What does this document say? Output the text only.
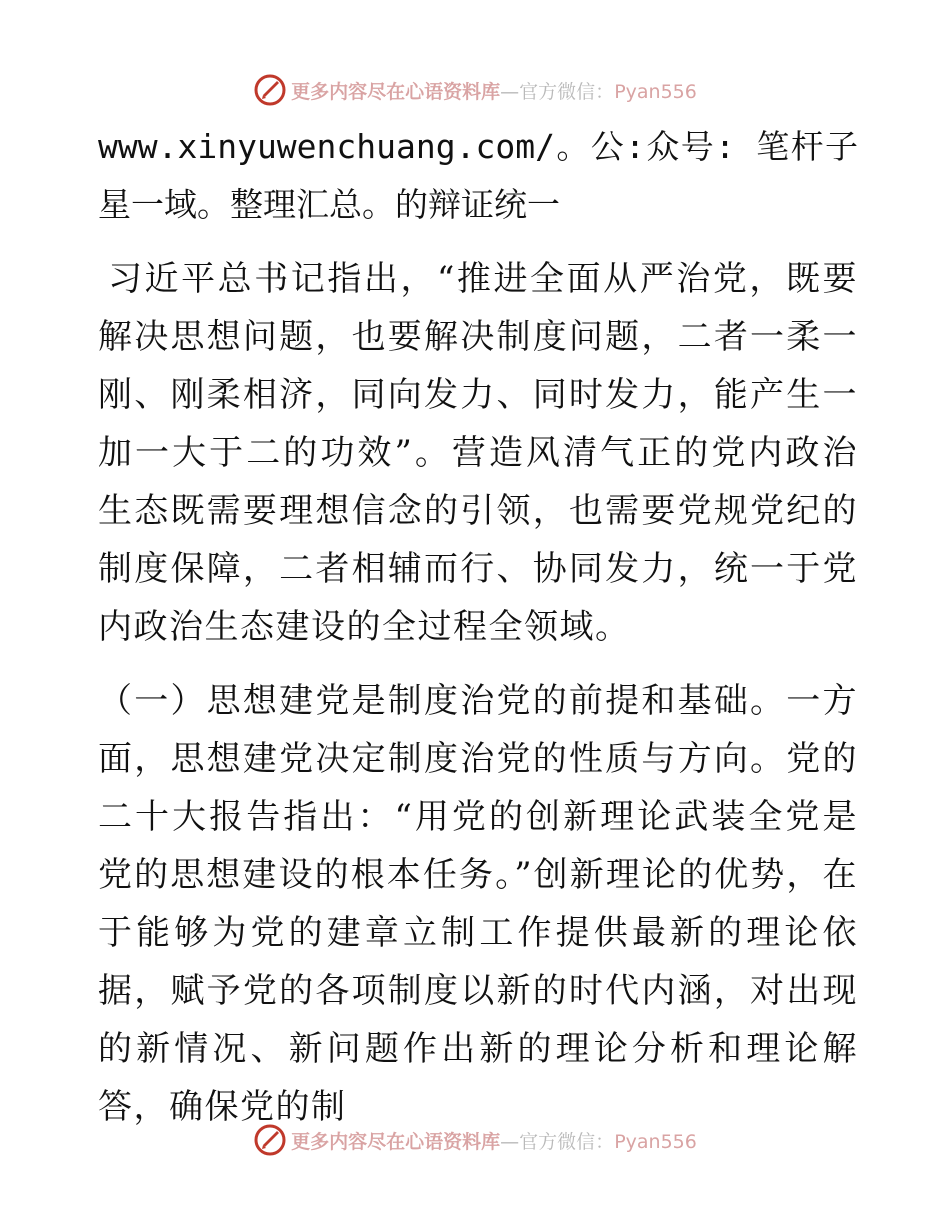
更多内容尽在心语资料库—官方微信：Pyan556

www.xinyuwenchuang.com/。公:众号: 笔杆子星一域。整理汇总。的辩证统一

习近平总书记指出，“推进全面从严治党，既要解决思想问题，也要解决制度问题，二者一柔一刚、刚柔相济，同向发力、同时发力，能产生一加一大于二的功效”。营造风清气正的党内政治生态既需要理想信念的引领，也需要党规党纪的制度保障，二者相辅而行、协同发力，统一于党内政治生态建设的全过程全领域。

（一）思想建党是制度治党的前提和基础。一方面，思想建党决定制度治党的性质与方向。党的二十大报告指出：“用党的创新理论武装全党是党的思想建设的根本任务。”创新理论的优势，在于能够为党的建章立制工作提供最新的理论依据，赋予党的各项制度以新的时代内涵，对出现的新情况、新问题作出新的理论分析和理论解答，确保党的制

更多内容尽在心语资料库—官方微信：Pyan556
